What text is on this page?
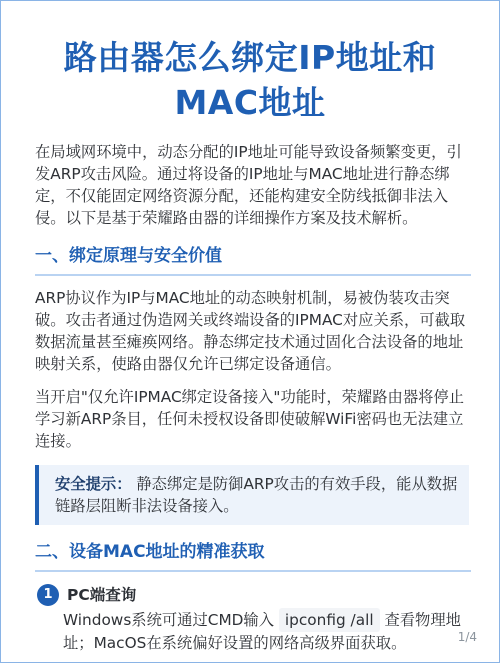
路由器怎么绑定IP地址和
MAC地址
在局域网环境中，动态分配的IP地址可能导致设备频繁变更，引发ARP攻击风险。通过将设备的IP地址与MAC地址进行静态绑定，不仅能固定网络资源分配，还能构建安全防线抵御非法入侵。以下是基于荣耀路由器的详细操作方案及技术解析。
一、绑定原理与安全价值
ARP协议作为IP与MAC地址的动态映射机制，易被伪装攻击突破。攻击者通过伪造网关或终端设备的IPMAC对应关系，可截取数据流量甚至瘫痪网络。静态绑定技术通过固化合法设备的地址映射关系，使路由器仅允许已绑定设备通信。
当开启"仅允许IPMAC绑定设备接入"功能时，荣耀路由器将停止学习新ARP条目，任何未授权设备即使破解WiFi密码也无法建立连接。
安全提示： 静态绑定是防御ARP攻击的有效手段，能从数据链路层阻断非法设备接入。
二、设备MAC地址的精准获取
1 PC端查询
Windows系统可通过CMD输入 ipconfig /all 查看物理地址；MacOS在系统偏好设置的网络高级界面获取。	1/4
